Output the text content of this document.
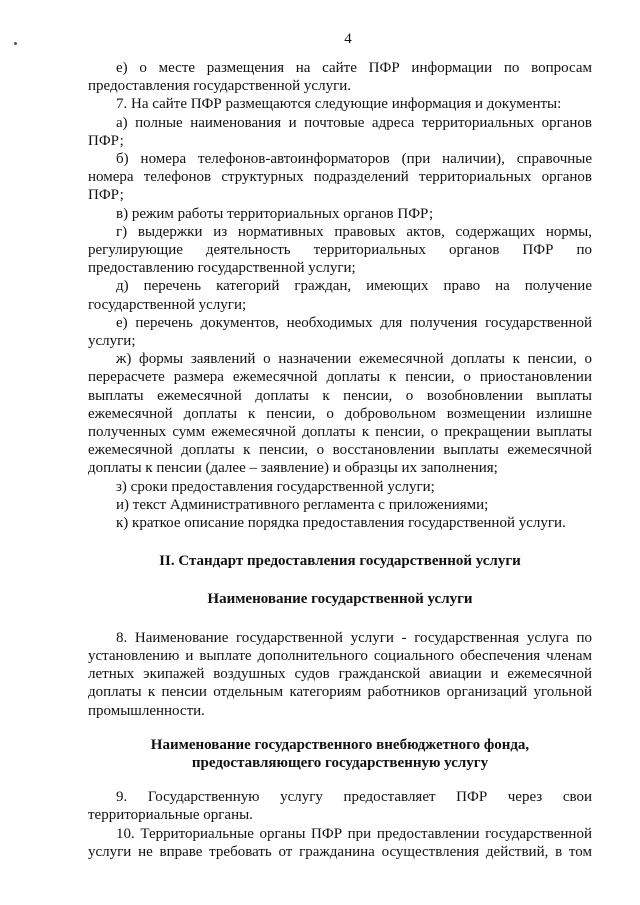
4

е) о месте размещения на сайте ПФР информации по вопросам предоставления государственной услуги.

7. На сайте ПФР размещаются следующие информация и документы:

а) полные наименования и почтовые адреса территориальных органов ПФР;

б) номера телефонов-автоинформаторов (при наличии), справочные номера телефонов структурных подразделений территориальных органов ПФР;

в) режим работы территориальных органов ПФР;

г) выдержки из нормативных правовых актов, содержащих нормы, регулирующие деятельность территориальных органов ПФР по предоставлению государственной услуги;

д) перечень категорий граждан, имеющих право на получение государственной услуги;

е) перечень документов, необходимых для получения государственной услуги;

ж) формы заявлений о назначении ежемесячной доплаты к пенсии, о перерасчете размера ежемесячной доплаты к пенсии, о приостановлении выплаты ежемесячной доплаты к пенсии, о возобновлении выплаты ежемесячной доплаты к пенсии, о добровольном возмещении излишне полученных сумм ежемесячной доплаты к пенсии, о прекращении выплаты ежемесячной доплаты к пенсии, о восстановлении выплаты ежемесячной доплаты к пенсии (далее – заявление) и образцы их заполнения;

з) сроки предоставления государственной услуги;

и) текст Административного регламента с приложениями;

к) краткое описание порядка предоставления государственной услуги.

II. Стандарт предоставления государственной услуги

Наименование государственной услуги

8. Наименование государственной услуги - государственная услуга по установлению и выплате дополнительного социального обеспечения членам летных экипажей воздушных судов гражданской авиации и ежемесячной доплаты к пенсии отдельным категориям работников организаций угольной промышленности.

Наименование государственного внебюджетного фонда,

предоставляющего государственную услугу

9. Государственную услугу предоставляет ПФР через свои территориальные органы.

10. Территориальные органы ПФР при предоставлении государственной услуги не вправе требовать от гражданина осуществления действий, в том
